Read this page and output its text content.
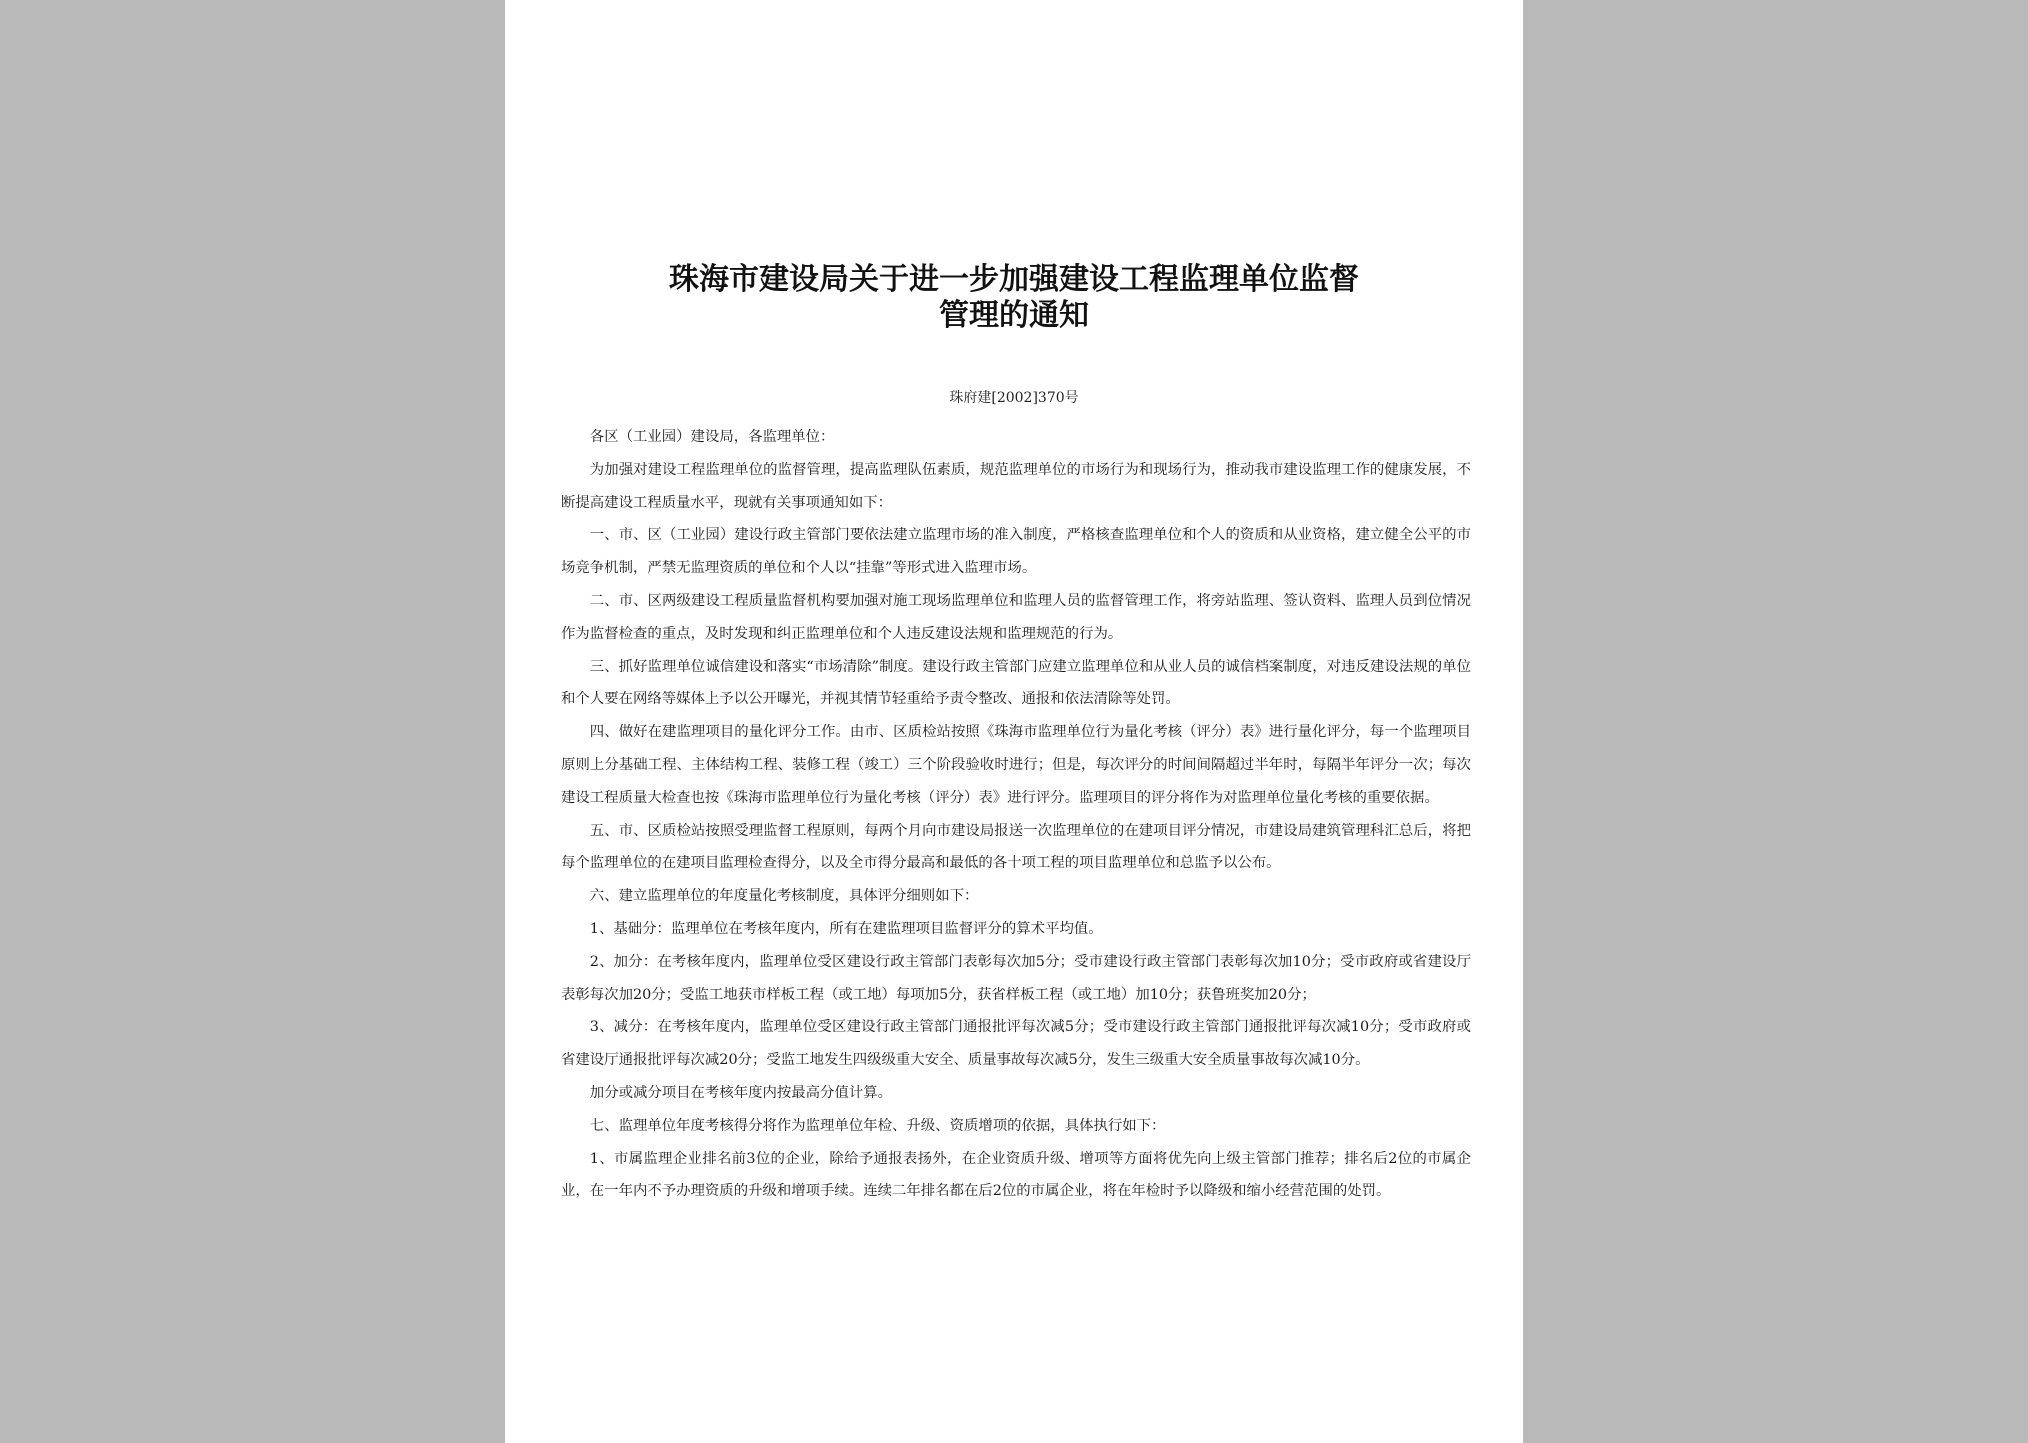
珠海市建设局关于进一步加强建设工程监理单位监督
管理的通知
珠府建[2002]370号

各区（工业园）建设局，各监理单位：

为加强对建设工程监理单位的监督管理，提高监理队伍素质，规范监理单位的市场行为和现场行为，推动我市建设监理工作的健康发展，不断提高建设工程质量水平，现就有关事项通知如下：

一、市、区（工业园）建设行政主管部门要依法建立监理市场的准入制度，严格核查监理单位和个人的资质和从业资格，建立健全公平的市场竞争机制，严禁无监理资质的单位和个人以“挂靠”等形式进入监理市场。

二、市、区两级建设工程质量监督机构要加强对施工现场监理单位和监理人员的监督管理工作，将旁站监理、签认资料、监理人员到位情况作为监督检查的重点，及时发现和纠正监理单位和个人违反建设法规和监理规范的行为。

三、抓好监理单位诚信建设和落实“市场清除”制度。建设行政主管部门应建立监理单位和从业人员的诚信档案制度，对违反建设法规的单位和个人要在网络等媒体上予以公开曝光，并视其情节轻重给予责令整改、通报和依法清除等处罚。

四、做好在建监理项目的量化评分工作。由市、区质检站按照《珠海市监理单位行为量化考核（评分）表》进行量化评分，每一个监理项目原则上分基础工程、主体结构工程、装修工程（竣工）三个阶段验收时进行；但是，每次评分的时间间隔超过半年时，每隔半年评分一次；每次建设工程质量大检查也按《珠海市监理单位行为量化考核（评分）表》进行评分。监理项目的评分将作为对监理单位量化考核的重要依据。

五、市、区质检站按照受理监督工程原则，每两个月向市建设局报送一次监理单位的在建项目评分情况，市建设局建筑管理科汇总后，将把每个监理单位的在建项目监理检查得分，以及全市得分最高和最低的各十项工程的项目监理单位和总监予以公布。

六、建立监理单位的年度量化考核制度，具体评分细则如下：

1、基础分：监理单位在考核年度内，所有在建监理项目监督评分的算术平均值。

2、加分：在考核年度内，监理单位受区建设行政主管部门表彰每次加5分；受市建设行政主管部门表彰每次加10分；受市政府或省建设厅表彰每次加20分；受监工地获市样板工程（或工地）每项加5分，获省样板工程（或工地）加10分；获鲁班奖加20分；

3、减分：在考核年度内，监理单位受区建设行政主管部门通报批评每次减5分；受市建设行政主管部门通报批评每次减10分；受市政府或省建设厅通报批评每次减20分；受监工地发生四级级重大安全、质量事故每次减5分，发生三级重大安全质量事故每次减10分。

加分或减分项目在考核年度内按最高分值计算。

七、监理单位年度考核得分将作为监理单位年检、升级、资质增项的依据，具体执行如下：

1、市属监理企业排名前3位的企业，除给予通报表扬外，在企业资质升级、增项等方面将优先向上级主管部门推荐；排名后2位的市属企业，在一年内不予办理资质的升级和增项手续。连续二年排名都在后2位的市属企业，将在年检时予以降级和缩小经营范围的处罚。
